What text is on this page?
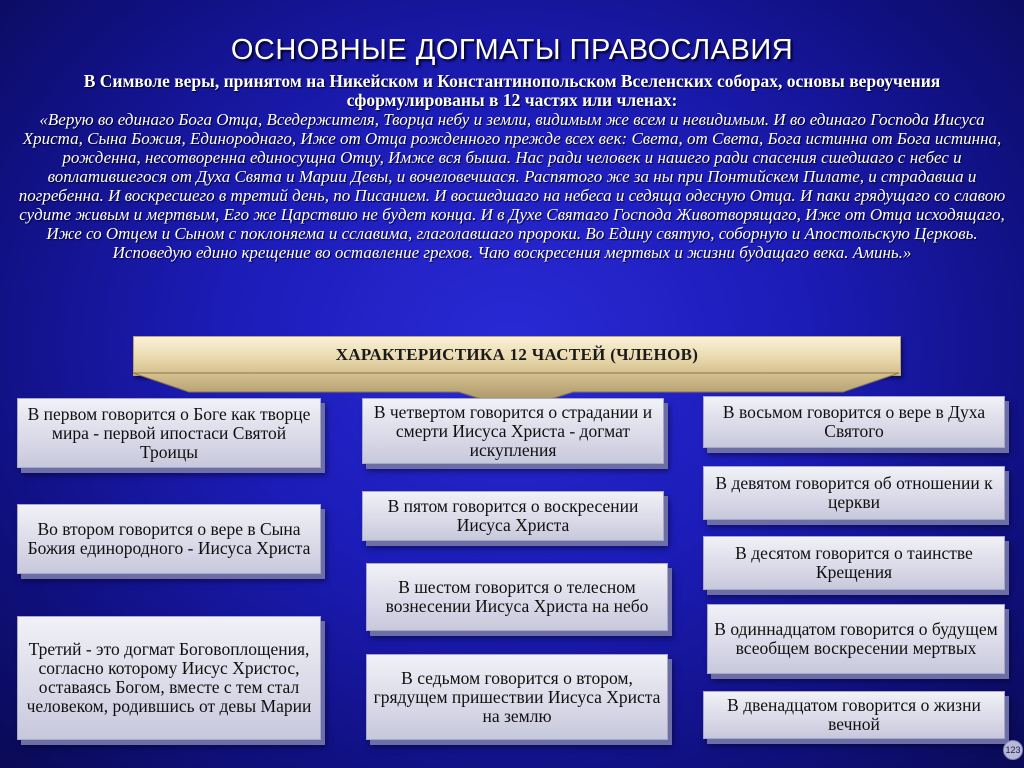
ОСНОВНЫЕ ДОГМАТЫ ПРАВОСЛАВИЯ
В Символе веры, принятом на Никейском и Константинопольском Вселенских соборах, основы вероучения сформулированы в 12 частях или членах:
«Верую во единаго Бога Отца, Вседержителя, Творца небу и земли, видимым же всем и невидимым. И во единаго Господа Иисуса Христа, Сына Божия, Единороднаго, Иже от Отца рожденного прежде всех век: Света, от Света, Бога истинна от Бога истинна, рожденна, несотворенна единосущна Отцу, Имже вся быша. Нас ради человек и нашего ради спасения сшедшаго с небес и воплатившегося от Духа Свята и Марии Девы, и вочеловечшася. Распятого же за ны при Понтийскем Пилате, и страдавша и погребенна. И воскресшего в третий день, по Писанием. И восшедшаго на небеса и седяща одесную Отца. И паки грядущаго со славою судите живым и мертвым, Его же Царствию не будет конца. И в Духе Святаго Господа Животворящаго, Иже от Отца исходящаго, Иже со Отцем и Сыном с поклоняема и сславима, глаголавшаго пророки. Во Едину святую, соборную и Апостольскую Церковь. Исповедую едино крещение во оставление грехов. Чаю воскресения мертвых и жизни будащаго века. Аминь.»
ХАРАКТЕРИСТИКА 12 ЧАСТЕЙ (ЧЛЕНОВ)
В первом говорится о Боге как творце мира - первой ипостаси Святой Троицы
Во втором говорится о вере в Сына Божия единородного - Иисуса Христа
Третий - это догмат Боговоплощения, согласно которому Иисус Христос, оставаясь Богом, вместе с тем стал человеком, родившись от девы Марии
В четвертом говорится о страдании и смерти Иисуса Христа - догмат искупления
В пятом говорится о воскресении Иисуса Христа
В шестом говорится о телесном вознесении Иисуса Христа на небо
В седьмом говорится о втором, грядущем пришествии Иисуса Христа на землю
В восьмом говорится о вере в Духа Святого
В девятом говорится об отношении к церкви
В десятом говорится о таинстве Крещения
В одиннадцатом говорится о будущем всеобщем воскресении мертвых
В двенадцатом говорится о жизни вечной
123
